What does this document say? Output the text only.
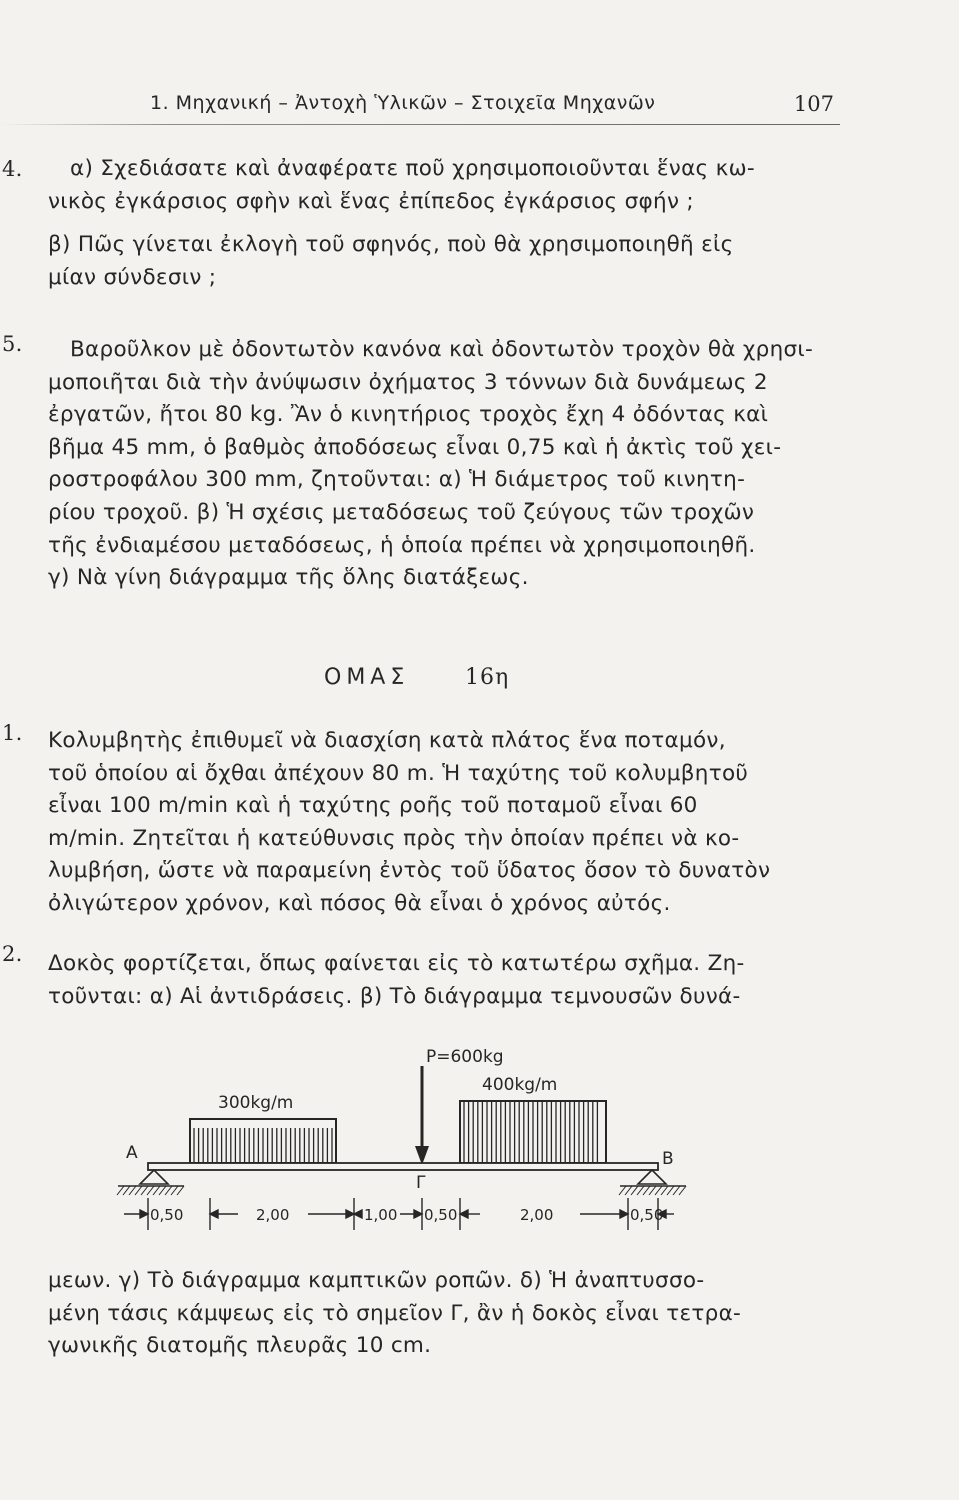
1. Μηχανική – Ἀντοχὴ Ὑλικῶν – Στοιχεῖα Μηχανῶν	107
4. α) Σχεδιάσατε καὶ ἀναφέρατε ποῦ χρησιμοποιοῦνται ἕνας κω-
νικὸς ἐγκάρσιος σφὴν καὶ ἕνας ἐπίπεδος ἐγκάρσιος σφήν ;
β) Πῶς γίνεται ἐκλογὴ τοῦ σφηνός, ποὺ θὰ χρησιμοποιηθῆ εἰς
μίαν σύνδεσιν ;
5. Βαροῦλκον μὲ ὀδοντωτὸν κανόνα καὶ ὀδοντωτὸν τροχὸν θὰ χρησι-
μοποιῆται διὰ τὴν ἀνύψωσιν ὀχήματος 3 τόννων διὰ δυνάμεως 2
ἐργατῶν, ἤτοι 80 kg. Ἂν ὁ κινητήριος τροχὸς ἔχη 4 ὀδόντας καὶ
βῆμα 45 mm, ὁ βαθμὸς ἀποδόσεως εἶναι 0,75 καὶ ἡ ἀκτὶς τοῦ χει-
ροστροφάλου 300 mm, ζητοῦνται: α) Ἡ διάμετρος τοῦ κινητη-
ρίου τροχοῦ. β) Ἡ σχέσις μεταδόσεως τοῦ ζεύγους τῶν τροχῶν
τῆς ἐνδιαμέσου μεταδόσεως, ἡ ὁποία πρέπει νὰ χρησιμοποιηθῆ.
γ) Νὰ γίνη διάγραμμα τῆς ὅλης διατάξεως.
ΟΜΑΣ	16η
1. Κολυμβητὴς ἐπιθυμεῖ νὰ διασχίση κατὰ πλάτος ἕνα ποταμόν,
τοῦ ὁποίου αἱ ὄχθαι ἀπέχουν 80 m. Ἡ ταχύτης τοῦ κολυμβητοῦ
εἶναι 100 m/min καὶ ἡ ταχύτης ροῆς τοῦ ποταμοῦ εἶναι 60
m/min. Ζητεῖται ἡ κατεύθυνσις πρὸς τὴν ὁποίαν πρέπει νὰ κο-
λυμβήση, ὥστε νὰ παραμείνη ἐντὸς τοῦ ὕδατος ὅσον τὸ δυνατὸν
ὀλιγώτερον χρόνον, καὶ πόσος θὰ εἶναι ὁ χρόνος αὐτός.
2. Δοκὸς φορτίζεται, ὅπως φαίνεται εἰς τὸ κατωτέρω σχῆμα. Ζη-
τοῦνται: α) Αἱ ἀντιδράσεις. β) Τὸ διάγραμμα τεμνουσῶν δυνά-
P=600kg
300kg/m
400kg/m
Α	Β
Γ
0,50	2,00	1,00 0,50	2,00	0,50
μεων. γ) Τὸ διάγραμμα καμπτικῶν ροπῶν. δ) Ἡ ἀναπτυσσο-
μένη τάσις κάμψεως εἰς τὸ σημεῖον Γ, ἂν ἡ δοκὸς εἶναι τετρα-
γωνικῆς διατομῆς πλευρᾶς 10 cm.
